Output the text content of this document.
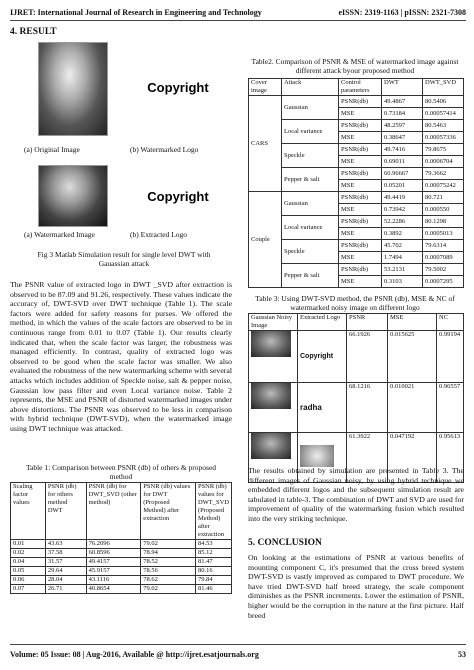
IJRET: International Journal of Research in Engineering and Technology	eISSN: 2319-1163 | pISSN: 2321-7308
4. RESULT
Copyright
(a) Original Image	(b) Watermarked Logo
Copyright
(a) Watermarked Image	(b) Extracted Logo
Fig 3 Matlab Simulation result for single level DWT with Gauassian attack
The PSNR value of extracted logo in DWT _SVD after extraction is observed to be 87.09 and 91.26, respectively. These values indicate the accuracy of, DWT-SVD over DWT technique (Table 1). The scale factors were added for safety reasons for purses. We offered the method, in which the values of the scale factors are observed to be in continuous range from 0.01 to 0.07 (Table 1). Our results clearly indicated that, when the scale factor was larger, the robustness was managed efficiently. In contrast, quality of extracted logo was observed to be good when the scale factor was smaller. We also evaluated the robustness of the new watermarking scheme with several attacks which includes addition of Speckle noise, salt & pepper noise, Gaussian low pass filter and even Local variance noise. Table 2 represents, the MSE and PSNR of distorted watermarked images under above distortions. The PSNR was observed to be less in comparison with hybrid technique (DWT-SVD), when the watermarked image using DWT technique was attacked.
Table 1: Comparison between PSNR (db) of others & proposed method
Scaling factor values	PSNR (db) for others method DWT	PSNR (db) for DWT_SVD (other method)	PSNR (db) values for DWT (Proposed Method) after extraction	PSNR (db) values for DWT_SVD (Proposed Method) after extraction
0.01	43.63	76.2096	79.02	84.53
0.02	37.58	60.8596	78.94	85.12
0.04	31.57	49.4157	78.52	81.47
0.05	29.64	45.9157	78.56	80.16
0.06	28.04	43.1116	78.62	79.84
0.07	26.71	40.8654	79.02	81.46
Table2. Comparison of PSNR & MSE of watermarked image against different attack byour proposed method
Cover image	Attack	Control parameters	DWT	DWT_SVD
CARS	Gaussian	PSNR(db)	49.4867	80.5406
		MSE	0.73184	0.00057414
	Local variance	PSNR(db)	48.2597	80.5463
		MSE	0.38647	0.00057336
	Speckle	PSNR(db)	49.7416	79.8675
		MSE	0.69011	0.0006704
	Pepper & salt	PSNR(db)	60.96667	79.3662
		MSE	0.05201	0.00075242
Couple	Gaussian	PSNR(db)	49.4419	80.721
		MSE	0.73942	0.000550
	Local variance	PSNR(db)	52.2286	80.1298
		MSE	0.3892	0.0005013
	Speckle	PSNR(db)	45.702	79.6314
		MSE	1.7494	0.0007089
	Pepper & salt	PSNR(db)	53.2131	79.5002
		MSE	0.3103	0.0007295
Table 3: Using DWT-SVD method, the PSNR (db), MSE & NC of watermarked noisy image on different logo
Gaussian Noisy Image	Extracted Logo	PSNR	MSE	NC
	Copyright	66.1926	0.015625	0.99194
	radha	68.1216	0.010021	0.96557
		61.3922	0.047192	0.95613
The results obtained by simulation are presented in Table 3. The different images of Gaussian noisy, by using hybrid technique we embedded different logos and the subsequent simulation result are tabulated in table-3. The combination of DWT and SVD are used for improvement of quality of the watermarking fusion which resulted into the very striking technique.
5. CONCLUSION
On looking at the estimations of PSNR at various benefits of mounting component C, it's presumed that the cross breed system DWT-SVD is vastly improved as compared to DWT procedure. We have tried DWT-SVD half breed strategy, the scale component diminishes as the PSNR increments. Lower the estimation of PSNR, higher would be the corruption in the nature at the first picture. Half breed
Volume: 05 Issue: 08 | Aug-2016, Available @ http://ijret.esatjournals.org	53
